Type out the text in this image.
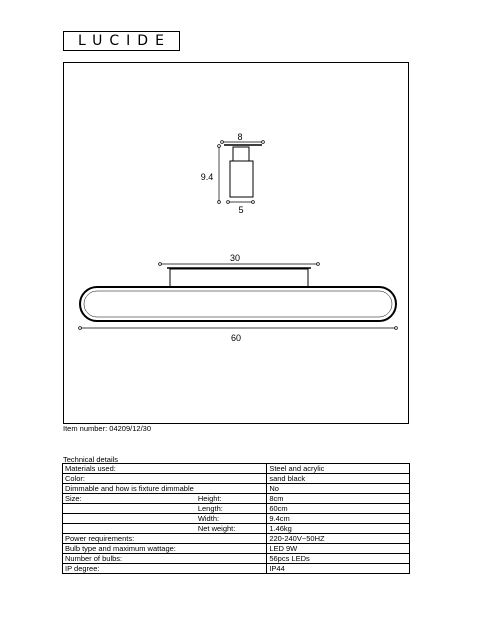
LUCIDE
8
9.4
5
30
60
Item number: 04209/12/30
Technical details
Materials used:		Steel and acrylic
Color:		sand black
Dimmable and how is fixture dimmable		No
Size:	Height:	8cm
	Length:	60cm
	Width:	9.4cm
	Net weight:	1.46kg
Power requirements:		220-240V~50HZ
Bulb type and maximum wattage:		LED 9W
Number of bulbs:		56pcs LEDs
IP degree:		IP44
